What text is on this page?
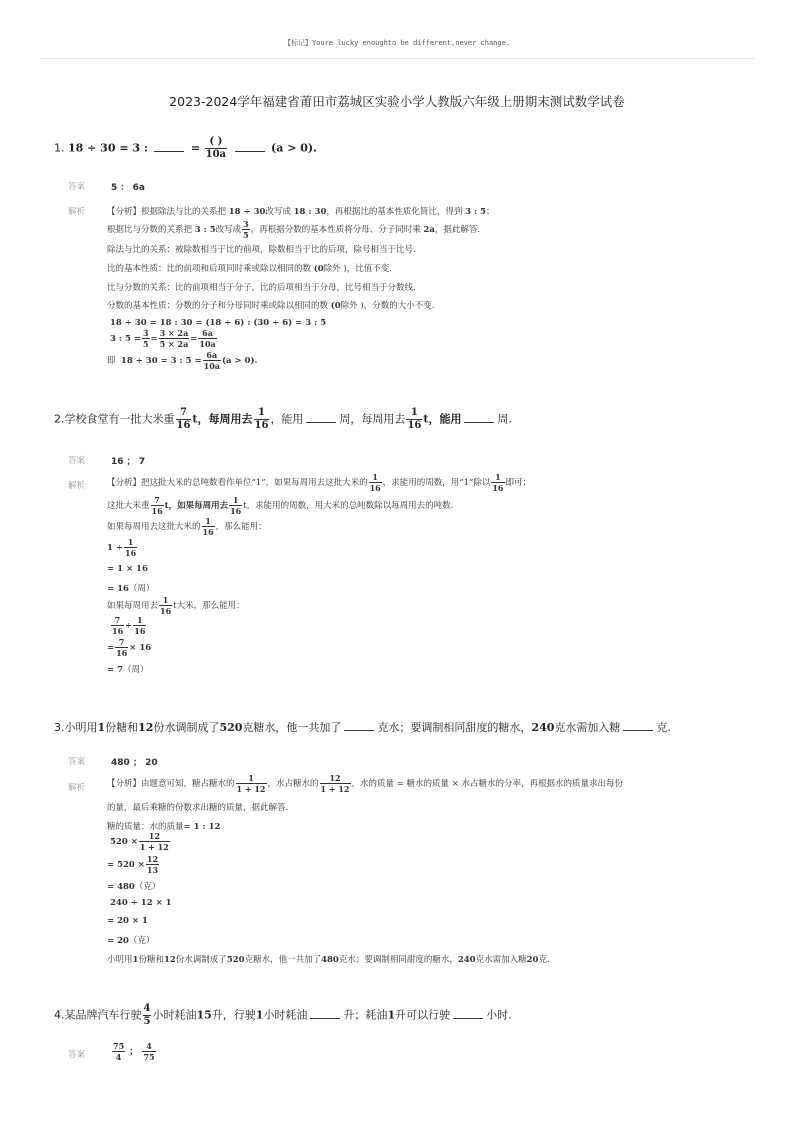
【标记】Youre lucky enoughto be different,never change.
2023-2024学年福建省莆田市荔城区实验小学人教版六年级上册期末测试数学试卷
1. 18 ÷ 30 = 3 :	= $\frac{( )}{10a}$	(a > 0).
答案	5 ： 6a
解析	【分析】根据除法与比的关系把 18 ÷ 30改写成 18 : 30，再根据比的基本性质化简比，得到 3 : 5；
根据比与分数的关系把 3 : 5改写成 $\frac{3}{5}$ ，再根据分数的基本性质将分母、分子同时乘 2a，据此解答.
除法与比的关系：被除数相当于比的前项，除数相当于比的后项，除号相当于比号.
比的基本性质：比的前项和后项同时乘或除以相同的数 (0除外 )，比值不变.
比与分数的关系：比的前项相当于分子，比的后项相当于分母，比号相当于分数线.
分数的基本性质：分数的分子和分母同时乘或除以相同的数 (0除外 )，分数的大小不变.
18 ÷ 30 = 18 : 30 = (18 ÷ 6) : (30 ÷ 6) = 3 : 5
3 : $5 = \frac{3}{5} = \frac{3 \times 2a}{5 \times 2a} = \frac{6a}{10a}$
即 18 ÷ 30 = 3 : $5 = \frac{6a}{10a} (a > 0)$.
2.学校食堂有一批大米重 $\frac{7}{16}$ t，每周用去 $\frac{1}{16}$ ，能用	周，每周用去 $\frac{1}{16}$ t，能用	周.
答案	16 ； 7
解析	【分析】把这批大米的总吨数看作单位“1”，如果每周用去这批大米的 $\frac{1}{16}$ ，求能用的周数，用“1”除以 $\frac{1}{16}$ 即可；
这批大米重 $\frac{7}{16}$ t，如果每周用去 $\frac{1}{16}$ t，求能用的周数，用大米的总吨数除以每周用去的吨数.
如果每周用去这批大米的 $\frac{1}{16}$ ，那么能用：
$1 \div \frac{1}{16}$
= 1 × 16
= 16（周）
如果每周用去 $\frac{1}{16}$ t大米，那么能用：
$\frac{7}{16} \div \frac{1}{16}$
= $\frac{7}{16} \times 16$
= 7（周）
3.小明用1份糖和12份水调制成了520克糖水，他一共加了	克水；要调制相同甜度的糖水，240克水需加入糖	克.
答案	480 ； 20
解析	【分析】由题意可知，糖占糖水的 $\frac{1}{1 + 12}$ ，水占糖水的 $\frac{12}{1 + 12}$ ，水的质量 = 糖水的质量 × 水占糖水的分率，再根据水的质量求出每份
的量，最后乘糖的份数求出糖的质量，据此解答.
糖的质量：水的质量= 1 : 12
$520 \times \frac{12}{1 + 12}$
= $520 \times \frac{12}{13}$
= 480（克）
240 ÷ 12 × 1
= 20 × 1
= 20（克）
小明用1份糖和12份水调制成了520克糖水，他一共加了480克水；要调制相同甜度的糖水，240克水需加入糖20克.
4.某品牌汽车行驶 $\frac{4}{5}$ 小时耗油15升，行驶1小时耗油	升；耗油1升可以行驶	小时.
答案	$\frac{75}{4}$ ； $\frac{4}{75}$
